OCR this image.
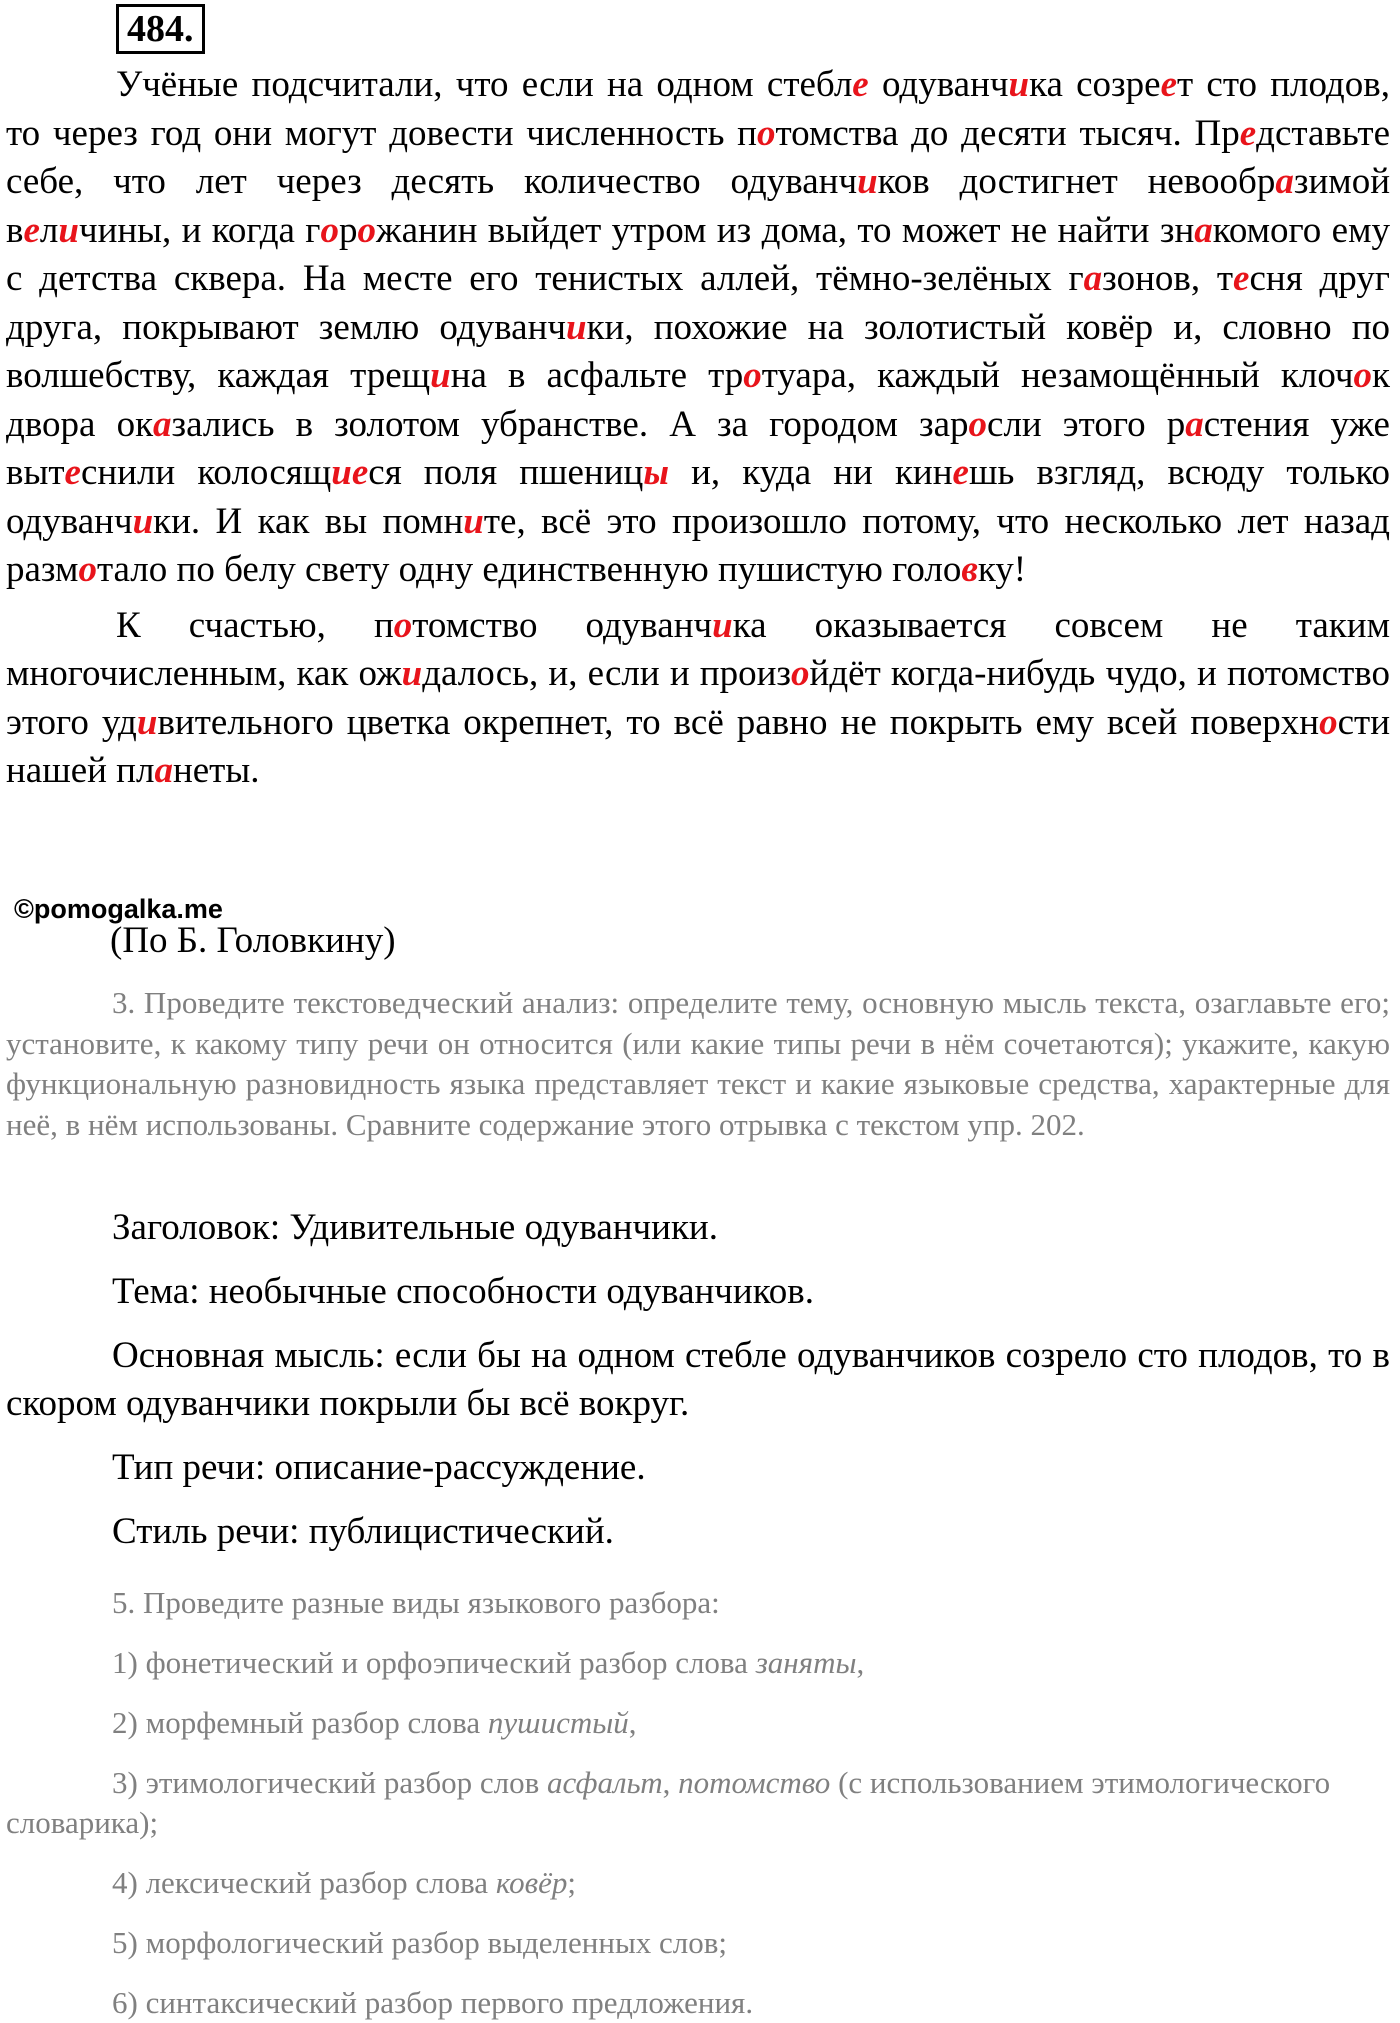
484.

Учёные подсчитали, что если на одном стебле одуванчика созреет сто плодов, то через год они могут довести численность потомства до десяти тысяч. Представьте себе, что лет через десять количество одуванчиков достигнет невообразимой величины, и когда горожанин выйдет утром из дома, то может не найти знакомого ему с детства сквера. На месте его тенистых аллей, тёмно-зелёных газонов, тесня друг друга, покрывают землю одуванчики, похожие на золотистый ковёр и, словно по волшебству, каждая трещина в асфальте тротуара, каждый незамощённый клочок двора оказались в золотом убранстве. А за городом заросли этого растения уже вытеснили колосящиеся поля пшеницы и, куда ни кинешь взгляд, всюду только одуванчики. И как вы помните, всё это произошло потому, что несколько лет назад размотало по белу свету одну единственную пушистую головку!

К счастью, потомство одуванчика оказывается совсем не таким многочисленным, как ожидалось, и, если и произойдёт когда-нибудь чудо, и потомство этого удивительного цветка окрепнет, то всё равно не покрыть ему всей поверхности нашей планеты.

©pomogalka.me
(По Б. Головкину)

3. Проведите текстоведческий анализ: определите тему, основную мысль текста, озаглавьте его; установите, к какому типу речи он относится (или какие типы речи в нём сочетаются); укажите, какую функциональную разновидность языка представляет текст и какие языковые средства, характерные для неё, в нём использованы. Сравните содержание этого отрывка с текстом упр. 202.

Заголовок: Удивительные одуванчики.

Тема: необычные способности одуванчиков.

Основная мысль: если бы на одном стебле одуванчиков созрело сто плодов, то в скором одуванчики покрыли бы всё вокруг.

Тип речи: описание-рассуждение.

Стиль речи: публицистический.

5. Проведите разные виды языкового разбора:

1) фонетический и орфоэпический разбор слова заняты,

2) морфемный разбор слова пушистый,

3) этимологический разбор слов асфальт, потомство (с использованием этимологического словарика);

4) лексический разбор слова ковёр;

5) морфологический разбор выделенных слов;

6) синтаксический разбор первого предложения.
